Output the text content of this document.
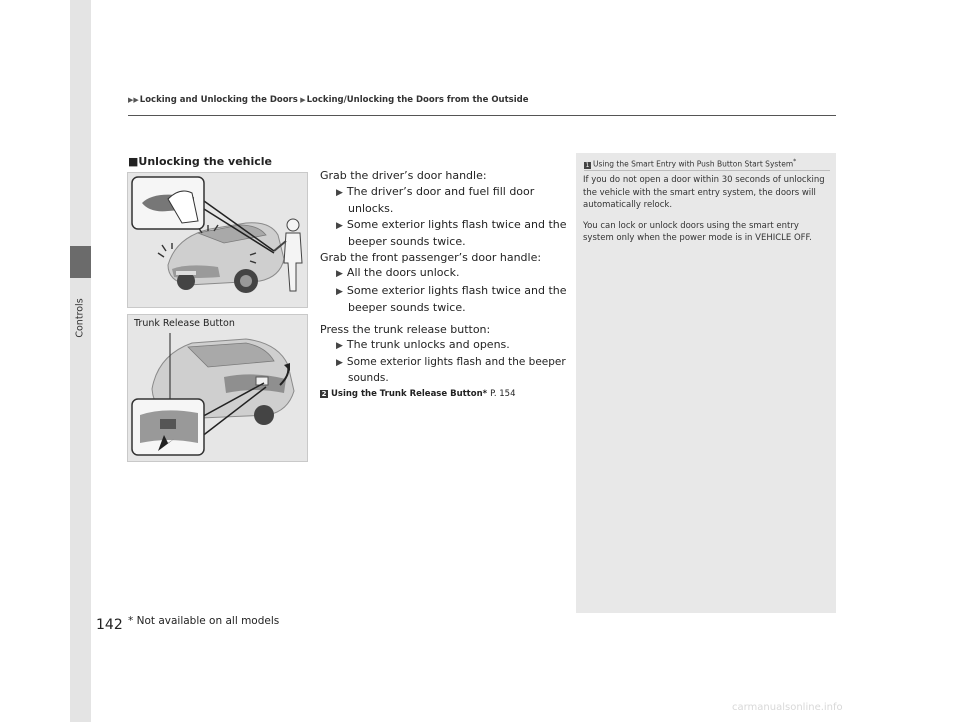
Controls
▶▶Locking and Unlocking the Doors ▶Locking/Unlocking the Doors from the Outside
■Unlocking the vehicle
Trunk Release Button

Grab the driver’s door handle:

▶ The driver’s door and fuel fill door unlocks.

▶ Some exterior lights flash twice and the beeper sounds twice.

Grab the front passenger’s door handle:

▶ All the doors unlock.

▶ Some exterior lights flash twice and the beeper sounds twice.

Press the trunk release button:

▶ The trunk unlocks and opens.

▶ Some exterior lights flash and the beeper sounds.

2 Using the Trunk Release Button* P. 154

1 Using the Smart Entry with Push Button Start System*

If you do not open a door within 30 seconds of unlocking the vehicle with the smart entry system, the doors will automatically relock.

You can lock or unlock doors using the smart entry system only when the power mode is in VEHICLE OFF.

142 * Not available on all models
carmanualsonline.info
